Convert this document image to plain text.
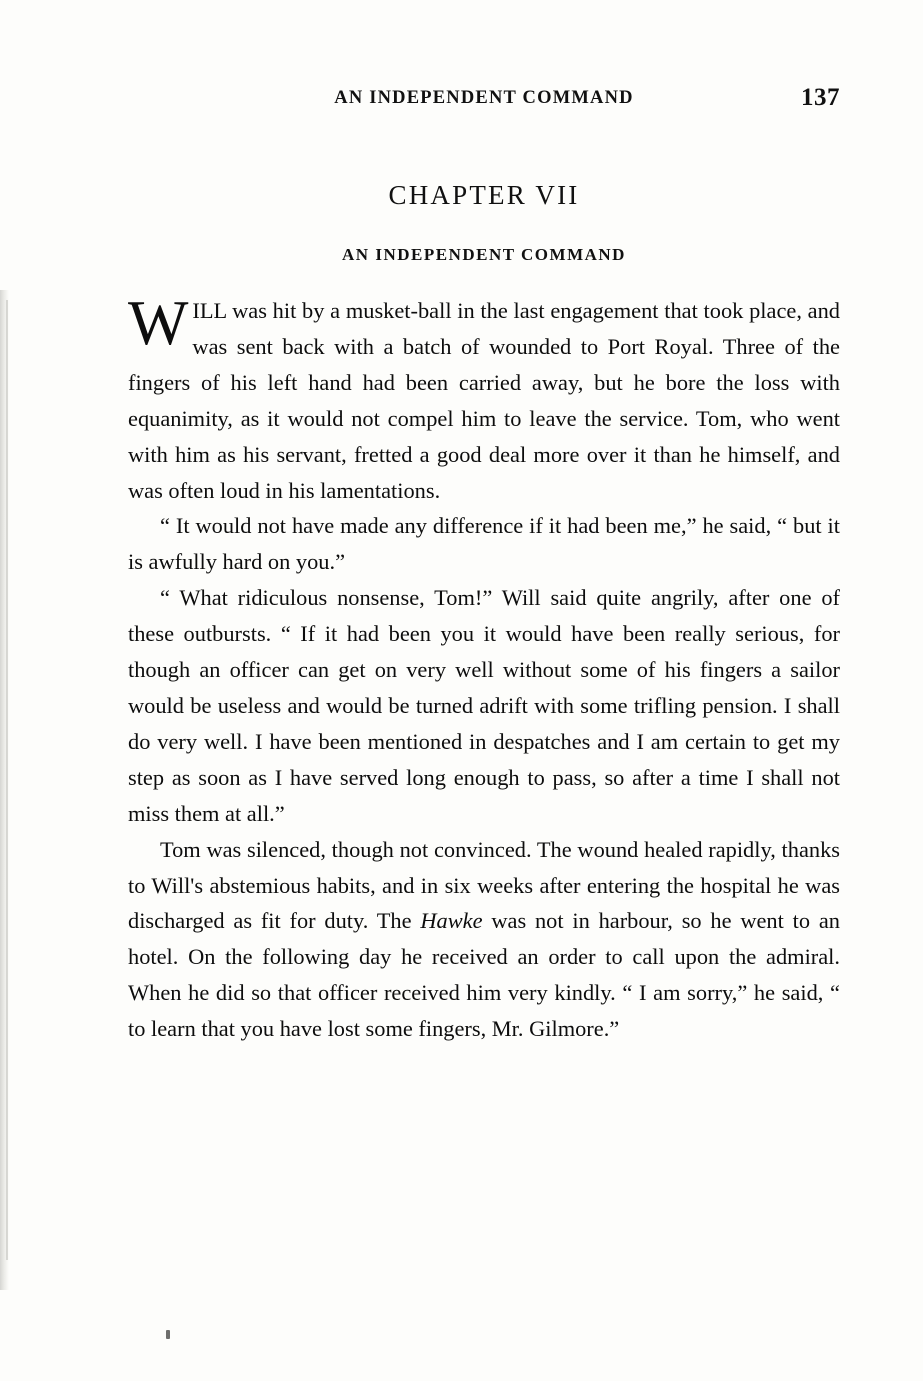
AN INDEPENDENT COMMAND	137
CHAPTER VII
AN INDEPENDENT COMMAND

WILL was hit by a musket-ball in the last engagement that took place, and was sent back with a batch of wounded to Port Royal. Three of the fingers of his left hand had been carried away, but he bore the loss with equanimity, as it would not compel him to leave the service. Tom, who went with him as his servant, fretted a good deal more over it than he himself, and was often loud in his lamentations.

“ It would not have made any difference if it had been me,” he said, “ but it is awfully hard on you.”

“ What ridiculous nonsense, Tom!” Will said quite angrily, after one of these outbursts. “ If it had been you it would have been really serious, for though an officer can get on very well without some of his fingers a sailor would be useless and would be turned adrift with some trifling pension. I shall do very well. I have been mentioned in despatches and I am certain to get my step as soon as I have served long enough to pass, so after a time I shall not miss them at all.”

Tom was silenced, though not convinced. The wound healed rapidly, thanks to Will's abstemious habits, and in six weeks after entering the hospital he was discharged as fit for duty. The Hawke was not in harbour, so he went to an hotel. On the following day he received an order to call upon the admiral. When he did so that officer received him very kindly. “ I am sorry,” he said, “ to learn that you have lost some fingers, Mr. Gilmore.”
